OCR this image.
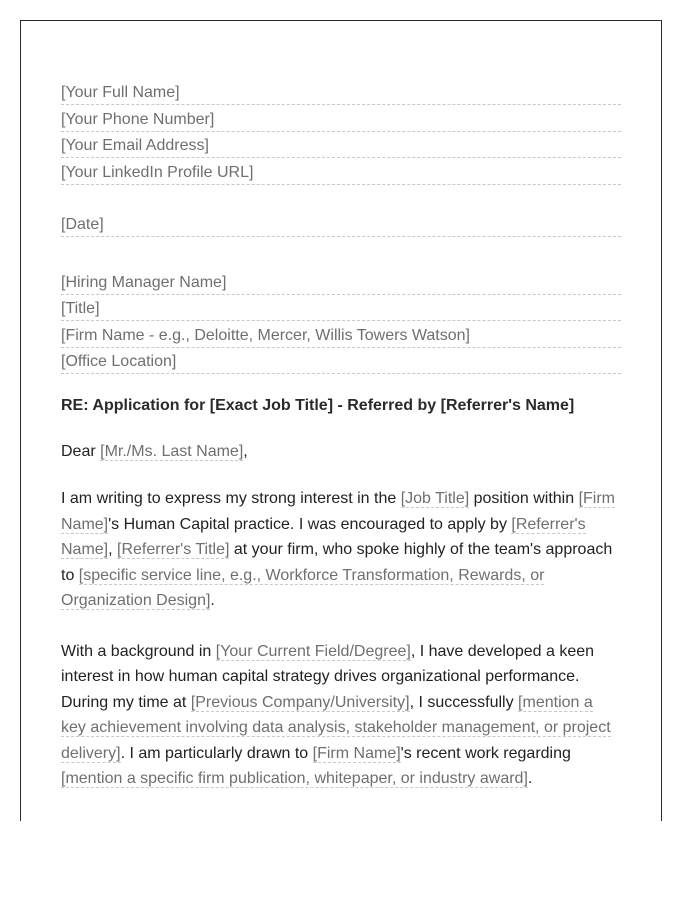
[Your Full Name]
[Your Phone Number]
[Your Email Address]
[Your LinkedIn Profile URL]
[Date]
[Hiring Manager Name]
[Title]
[Firm Name - e.g., Deloitte, Mercer, Willis Towers Watson]
[Office Location]
RE: Application for [Exact Job Title] - Referred by [Referrer's Name]
Dear [Mr./Ms. Last Name],
I am writing to express my strong interest in the [Job Title] position within [Firm Name]'s Human Capital practice. I was encouraged to apply by [Referrer's Name], [Referrer's Title] at your firm, who spoke highly of the team's approach to [specific service line, e.g., Workforce Transformation, Rewards, or Organization Design].
With a background in [Your Current Field/Degree], I have developed a keen interest in how human capital strategy drives organizational performance. During my time at [Previous Company/University], I successfully [mention a key achievement involving data analysis, stakeholder management, or project delivery]. I am particularly drawn to [Firm Name]'s recent work regarding [mention a specific firm publication, whitepaper, or industry award].
